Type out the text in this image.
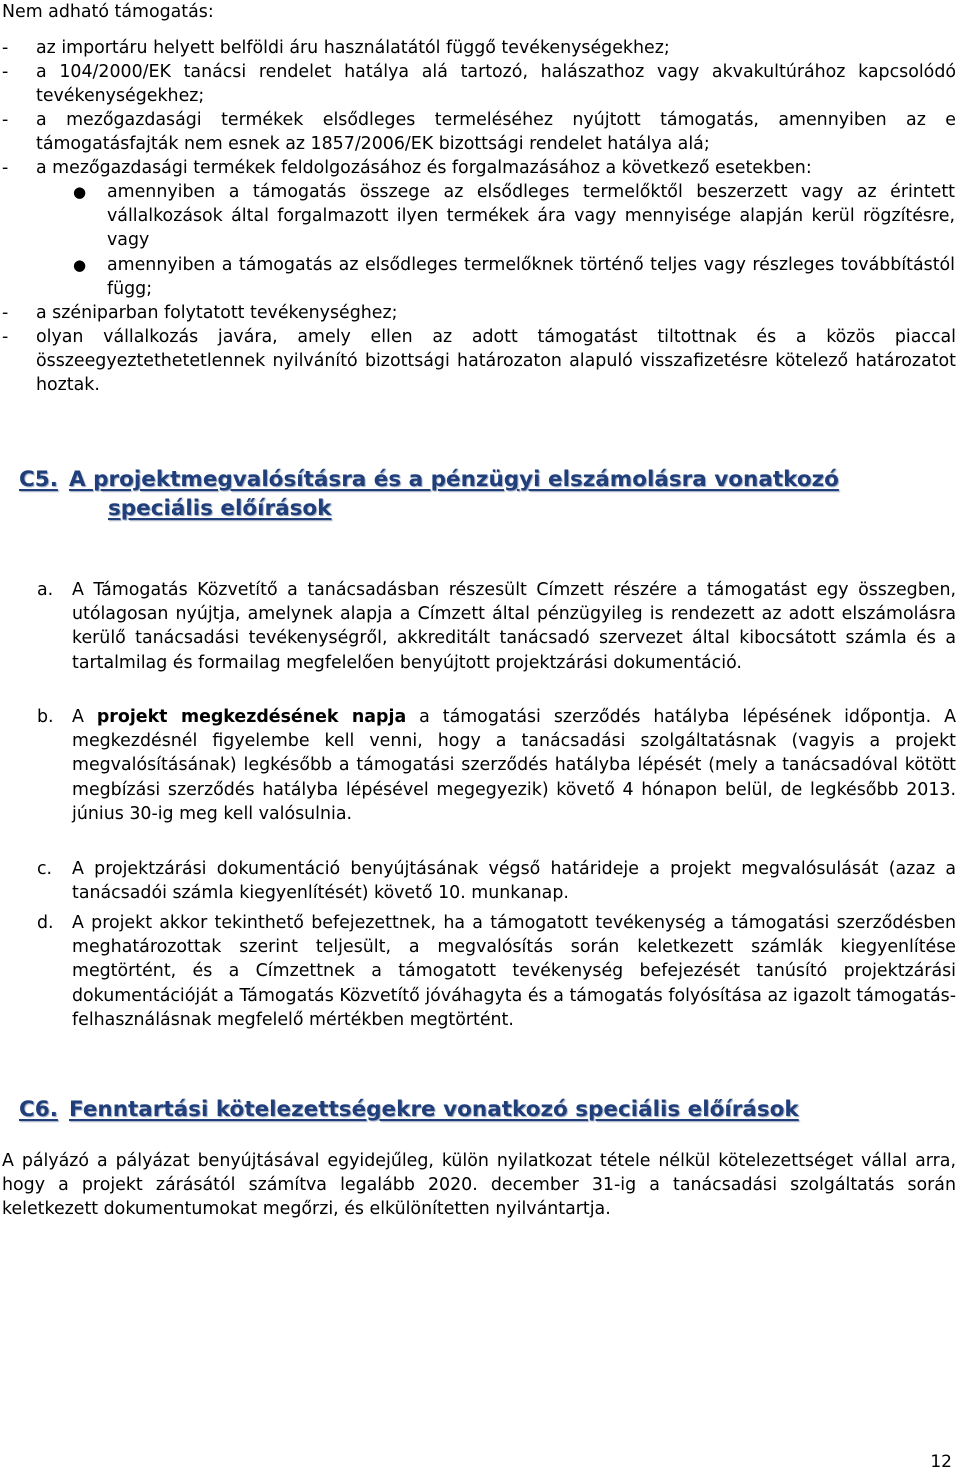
Nem adható támogatás:

- az importáru helyett belföldi áru használatától függő tevékenységekhez;

- a 104/2000/EK tanácsi rendelet hatálya alá tartozó, halászathoz vagy akvakultúrához kapcsolódó tevékenységekhez;

- a mezőgazdasági termékek elsődleges termeléséhez nyújtott támogatás, amennyiben az e támogatásfajták nem esnek az 1857/2006/EK bizottsági rendelet hatálya alá;

- a mezőgazdasági termékek feldolgozásához és forgalmazásához a következő esetekben:

● amennyiben a támogatás összege az elsődleges termelőktől beszerzett vagy az érintett vállalkozások által forgalmazott ilyen termékek ára vagy mennyisége alapján kerül rögzítésre, vagy

● amennyiben a támogatás az elsődleges termelőknek történő teljes vagy részleges továbbítástól függ;

- a széniparban folytatott tevékenységhez;

- olyan vállalkozás javára, amely ellen az adott támogatást tiltottnak és a közös piaccal összeegyeztethetetlennek nyilvánító bizottsági határozaton alapuló visszafizetésre kötelező határozatot hoztak.

C5. A projektmegvalósításra és a pénzügyi elszámolásra vonatkozó

speciális előírások

a. A Támogatás Közvetítő a tanácsadásban részesült Címzett részére a támogatást egy összegben, utólagosan nyújtja, amelynek alapja a Címzett által pénzügyileg is rendezett az adott elszámolásra kerülő tanácsadási tevékenységről, akkreditált tanácsadó szervezet által kibocsátott számla és a tartalmilag és formailag megfelelően benyújtott projektzárási dokumentáció.

b. A projekt megkezdésének napja a támogatási szerződés hatályba lépésének időpontja. A megkezdésnél figyelembe kell venni, hogy a tanácsadási szolgáltatásnak (vagyis a projekt megvalósításának) legkésőbb a támogatási szerződés hatályba lépését (mely a tanácsadóval kötött megbízási szerződés hatályba lépésével megegyezik) követő 4 hónapon belül, de legkésőbb 2013. június 30-ig meg kell valósulnia.

c. A projektzárási dokumentáció benyújtásának végső határideje a projekt megvalósulását (azaz a tanácsadói számla kiegyenlítését) követő 10. munkanap.

d. A projekt akkor tekinthető befejezettnek, ha a támogatott tevékenység a támogatási szerződésben meghatározottak szerint teljesült, a megvalósítás során keletkezett számlák kiegyenlítése megtörtént, és a Címzettnek a támogatott tevékenység befejezését tanúsító projektzárási dokumentációját a Támogatás Közvetítő jóváhagyta és a támogatás folyósítása az igazolt támogatás-felhasználásnak megfelelő mértékben megtörtént.

C6. Fenntartási kötelezettségekre vonatkozó speciális előírások

A pályázó a pályázat benyújtásával egyidejűleg, külön nyilatkozat tétele nélkül kötelezettséget vállal arra, hogy a projekt zárásától számítva legalább 2020. december 31-ig a tanácsadási szolgáltatás során keletkezett dokumentumokat megőrzi, és elkülönítetten nyilvántartja.

12
